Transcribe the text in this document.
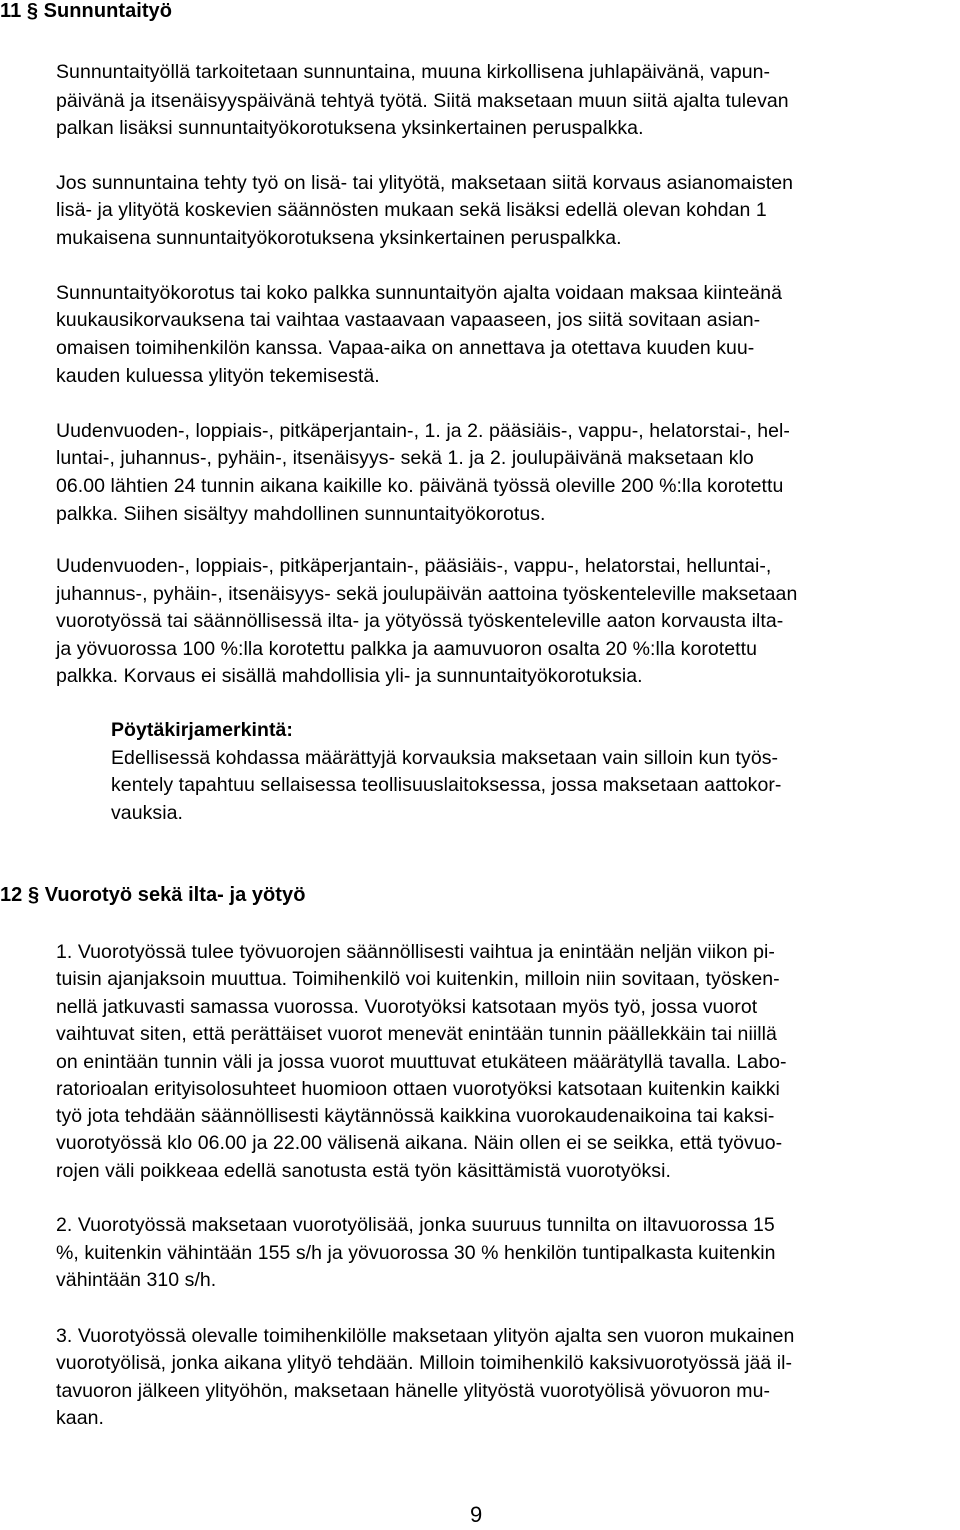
11 § Sunnuntaityö
Sunnuntaityöllä tarkoitetaan sunnuntaina, muuna kirkollisena juhlapäivänä, vapun-
päivänä ja itsenäisyyspäivänä tehtyä työtä. Siitä maksetaan muun siitä ajalta tulevan
palkan lisäksi sunnuntaityökorotuksena yksinkertainen peruspalkka.
Jos sunnuntaina tehty työ on lisä- tai ylityötä, maksetaan siitä korvaus asianomaisten
lisä- ja ylityötä koskevien säännösten mukaan sekä lisäksi edellä olevan kohdan 1
mukaisena sunnuntaityökorotuksena yksinkertainen peruspalkka.
Sunnuntaityökorotus tai koko palkka sunnuntaityön ajalta voidaan maksaa kiinteänä
kuukausikorvauksena tai vaihtaa vastaavaan vapaaseen, jos siitä sovitaan asian-
omaisen toimihenkilön kanssa. Vapaa-aika on annettava ja otettava kuuden kuu-
kauden kuluessa ylityön tekemisestä.
Uudenvuoden-, loppiais-, pitkäperjantain-, 1. ja 2. pääsiäis-, vappu-, helatorstai-, hel-
luntai-, juhannus-, pyhäin-, itsenäisyys- sekä 1. ja 2. joulupäivänä maksetaan klo
06.00 lähtien 24 tunnin aikana kaikille ko. päivänä työssä oleville 200 %:lla korotettu
palkka. Siihen sisältyy mahdollinen sunnuntaityökorotus.
Uudenvuoden-, loppiais-, pitkäperjantain-, pääsiäis-, vappu-, helatorstai, helluntai-,
juhannus-, pyhäin-, itsenäisyys- sekä joulupäivän aattoina työskenteleville maksetaan
vuorotyössä tai säännöllisessä ilta- ja yötyössä työskenteleville aaton korvausta ilta-
ja yövuorossa 100 %:lla korotettu palkka ja aamuvuoron osalta 20 %:lla korotettu
palkka. Korvaus ei sisällä mahdollisia yli- ja sunnuntaityökorotuksia.
Pöytäkirjamerkintä:
Edellisessä kohdassa määrättyjä korvauksia maksetaan vain silloin kun työs-
kentely tapahtuu sellaisessa teollisuuslaitoksessa, jossa maksetaan aattokor-
vauksia.
12 § Vuorotyö sekä ilta- ja yötyö
1. Vuorotyössä tulee työvuorojen säännöllisesti vaihtua ja enintään neljän viikon pi-
tuisin ajanjaksoin muuttua. Toimihenkilö voi kuitenkin, milloin niin sovitaan, työsken-
nellä jatkuvasti samassa vuorossa. Vuorotyöksi katsotaan myös työ, jossa vuorot
vaihtuvat siten, että perättäiset vuorot menevät enintään tunnin päällekkäin tai niillä
on enintään tunnin väli ja jossa vuorot muuttuvat etukäteen määrätyllä tavalla. Labo-
ratorioalan erityisolosuhteet huomioon ottaen vuorotyöksi katsotaan kuitenkin kaikki
työ jota tehdään säännöllisesti käytännössä kaikkina vuorokaudenaikoina tai kaksi-
vuorotyössä klo 06.00 ja 22.00 välisenä aikana. Näin ollen ei se seikka, että työvuo-
rojen väli poikkeaa edellä sanotusta estä työn käsittämistä vuorotyöksi.
2. Vuorotyössä maksetaan vuorotyölisää, jonka suuruus tunnilta on iltavuorossa 15
%, kuitenkin vähintään 155 s/h ja yövuorossa 30 % henkilön tuntipalkasta kuitenkin
vähintään 310 s/h.
3. Vuorotyössä olevalle toimihenkilölle maksetaan ylityön ajalta sen vuoron mukainen
vuorotyölisä, jonka aikana ylityö tehdään. Milloin toimihenkilö kaksivuorotyössä jää il-
tavuoron jälkeen ylityöhön, maksetaan hänelle ylityöstä vuorotyölisä yövuoron mu-
kaan.
9
